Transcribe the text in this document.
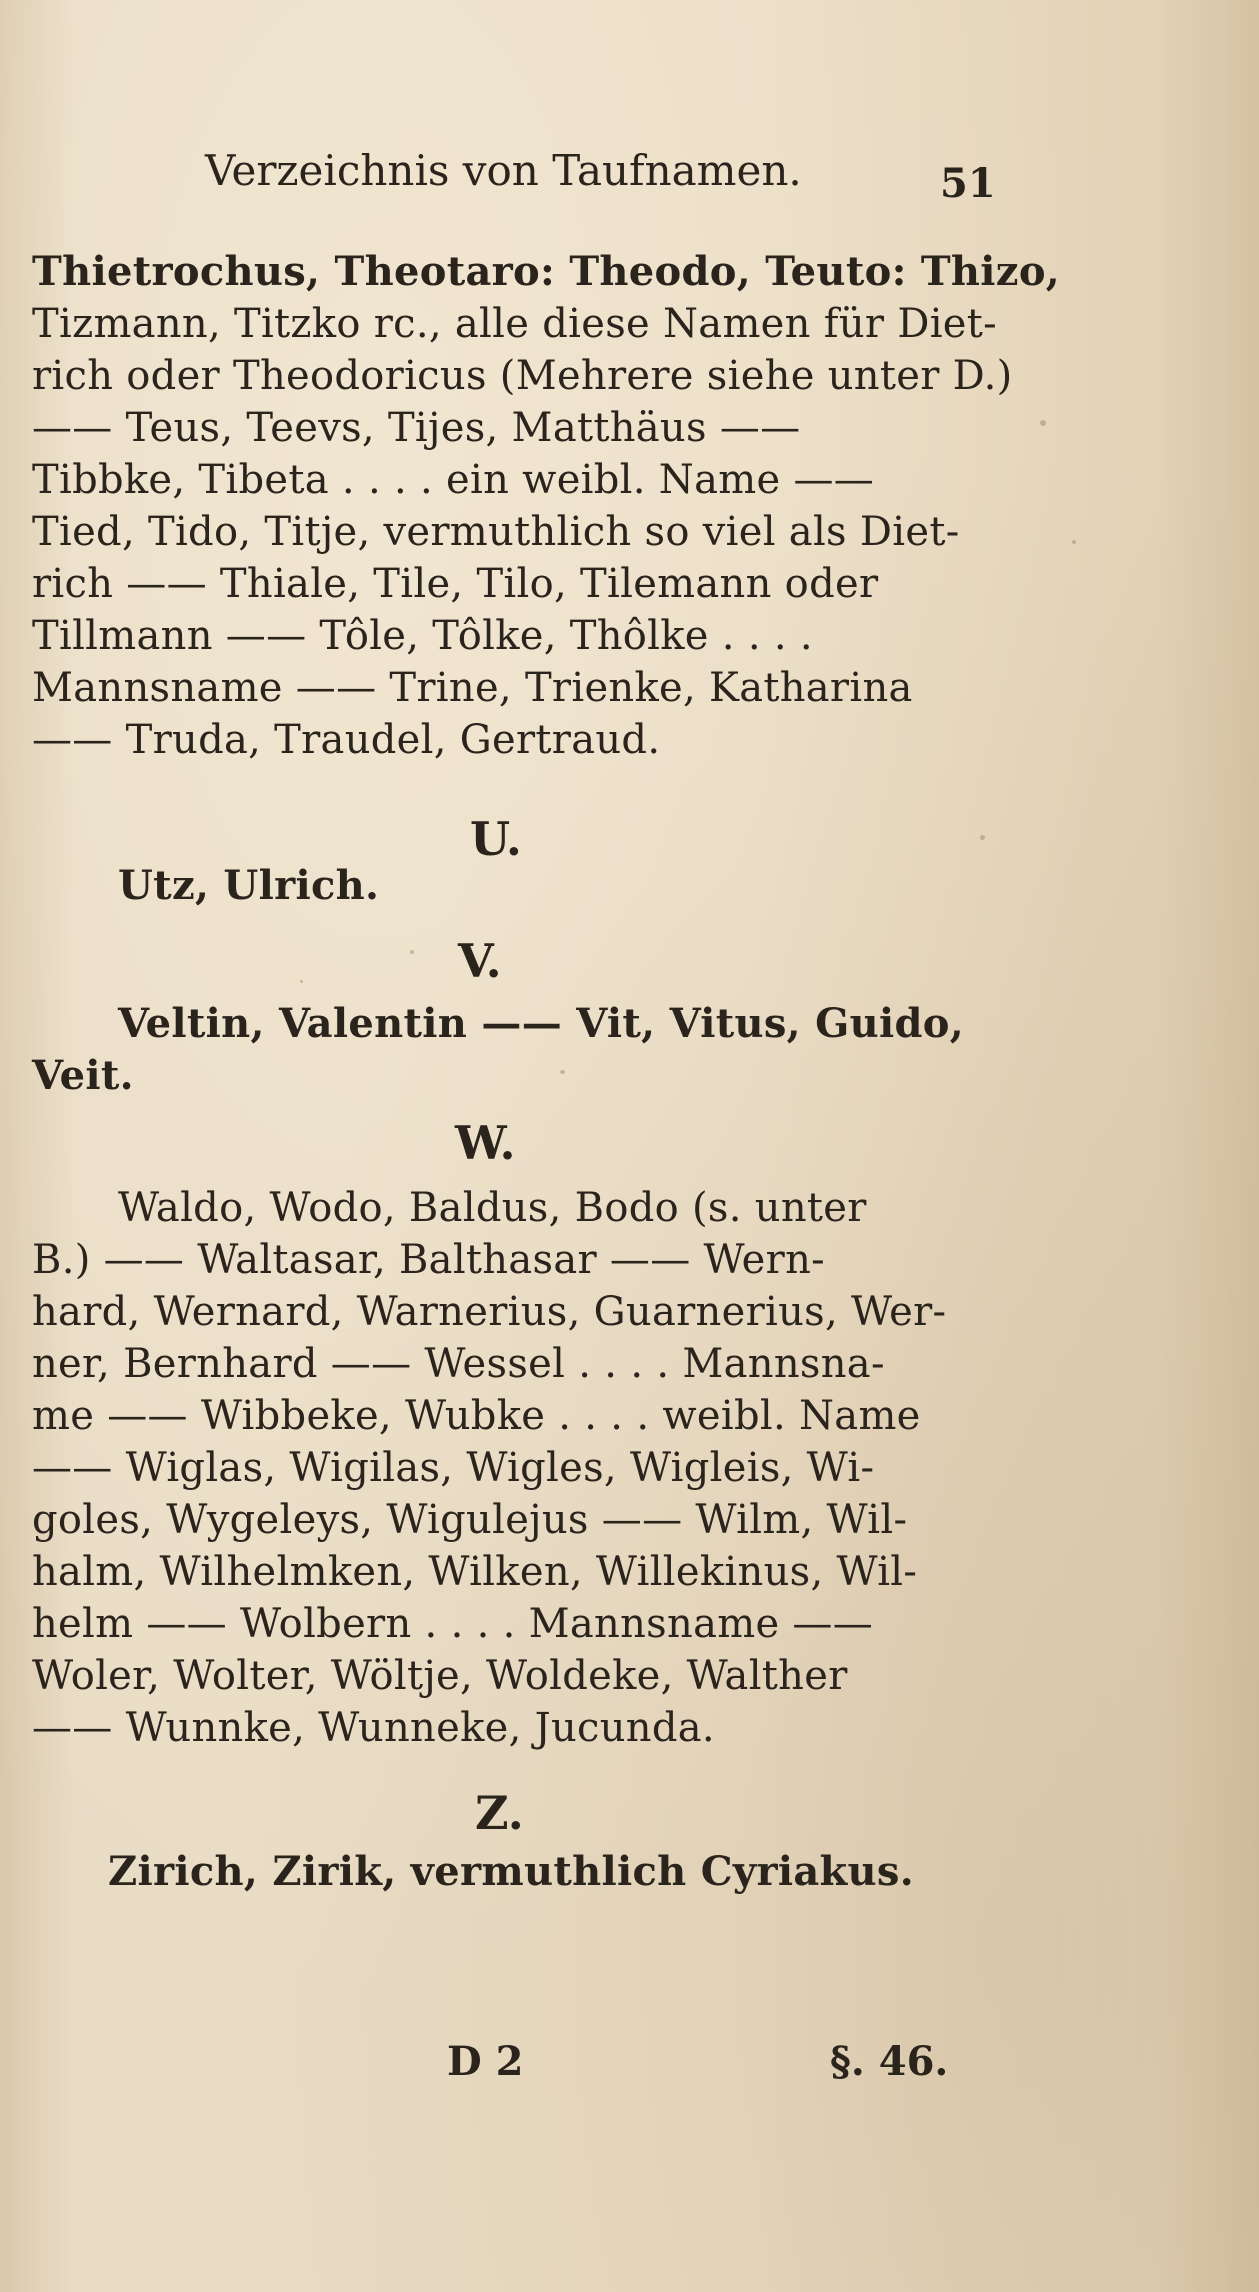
Verzeichnis von Taufnamen.	51
Thietrochus, Theotaro: Theodo, Teuto: Thizo,
Tizmann, Titzko rc., alle diese Namen für Diet-
rich oder Theodoricus (Mehrere siehe unter D.)
—— Teus, Teevs, Tijes, Matthäus ——
Tibbke, Tibeta . . . . ein weibl. Name ——
Tied, Tido, Titje, vermuthlich so viel als Diet-
rich —— Thiale, Tile, Tilo, Tilemann oder
Tillmann —— Tôle, Tôlke, Thôlke . . . .
Mannsname —— Trine, Trienke, Katharina
—— Truda, Traudel, Gertraud.
U.
Utz, Ulrich.
V.
Veltin, Valentin —— Vit, Vitus, Guido,
Veit.
W.
Waldo, Wodo, Baldus, Bodo (s. unter
B.) —— Waltasar, Balthasar —— Wern-
hard, Wernard, Warnerius, Guarnerius, Wer-
ner, Bernhard —— Wessel . . . . Mannsna-
me —— Wibbeke, Wubke . . . . weibl. Name
—— Wiglas, Wigilas, Wigles, Wigleis, Wi-
goles, Wygeleys, Wigulejus —— Wilm, Wil-
halm, Wilhelmken, Wilken, Willekinus, Wil-
helm —— Wolbern . . . . Mannsname ——
Woler, Wolter, Wöltje, Woldeke, Walther
—— Wunnke, Wunneke, Jucunda.
Z.
Zirich, Zirik, vermuthlich Cyriakus.
D 2	§. 46.
